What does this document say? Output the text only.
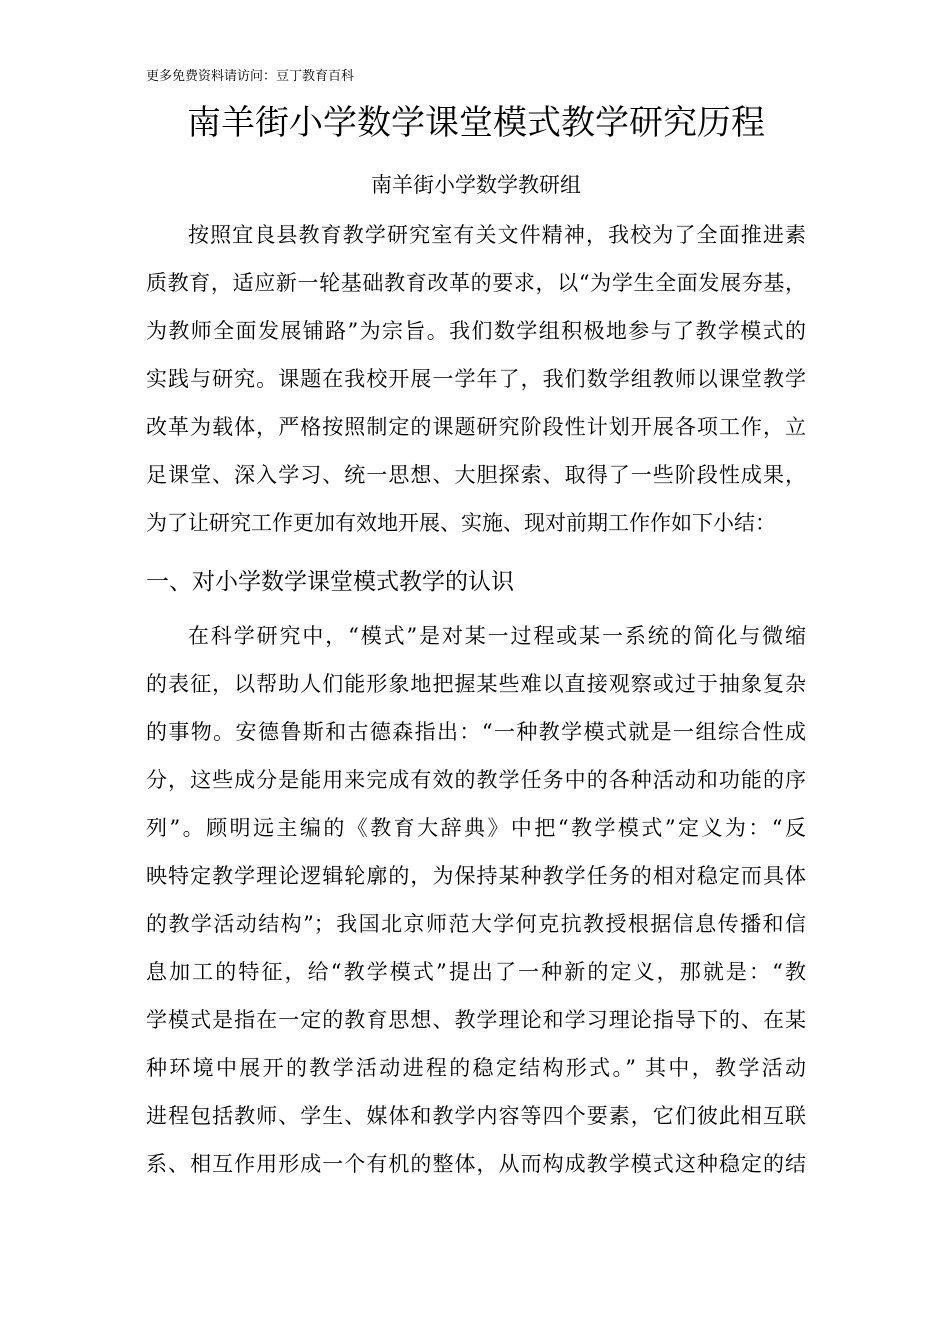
更多免费资料请访问：豆丁教育百科
南羊街小学数学课堂模式教学研究历程
南羊街小学数学教研组
按照宜良县教育教学研究室有关文件精神，我校为了全面推进素
质教育，适应新一轮基础教育改革的要求，以“为学生全面发展夯基，
为教师全面发展铺路”为宗旨。我们数学组积极地参与了教学模式的
实践与研究。课题在我校开展一学年了，我们数学组教师以课堂教学
改革为载体，严格按照制定的课题研究阶段性计划开展各项工作，立
足课堂、深入学习、统一思想、大胆探索、取得了一些阶段性成果，
为了让研究工作更加有效地开展、实施、现对前期工作作如下小结：
一、对小学数学课堂模式教学的认识
在科学研究中，“模式”是对某一过程或某一系统的简化与微缩
的表征，以帮助人们能形象地把握某些难以直接观察或过于抽象复杂
的事物。安德鲁斯和古德森指出：“一种教学模式就是一组综合性成
分，这些成分是能用来完成有效的教学任务中的各种活动和功能的序
列”。顾明远主编的《教育大辞典》中把“教学模式”定义为：“反
映特定教学理论逻辑轮廓的，为保持某种教学任务的相对稳定而具体
的教学活动结构”；我国北京师范大学何克抗教授根据信息传播和信
息加工的特征，给“教学模式”提出了一种新的定义，那就是：“教
学模式是指在一定的教育思想、教学理论和学习理论指导下的、在某
种环境中展开的教学活动进程的稳定结构形式。” 其中，教学活动
进程包括教师、学生、媒体和教学内容等四个要素，它们彼此相互联
系、相互作用形成一个有机的整体，从而构成教学模式这种稳定的结
